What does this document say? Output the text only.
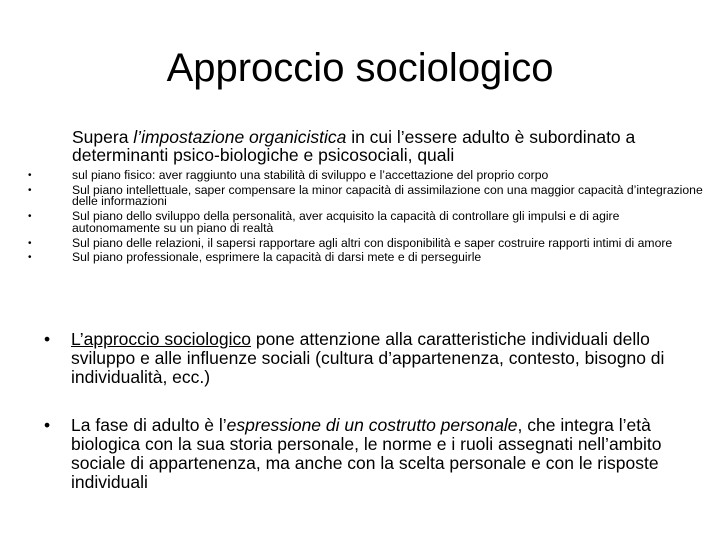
Approccio sociologico
Supera l’impostazione organicistica in cui l’essere adulto è subordinato a determinanti psico-biologiche e psicosociali, quali
•	sul piano fisico: aver raggiunto una stabilità di sviluppo e l’accettazione del proprio corpo
•	Sul piano intellettuale, saper compensare la minor capacità di assimilazione con una maggior capacità d’integrazione delle informazioni
•	Sul piano dello sviluppo della personalità, aver acquisito la capacità di controllare gli impulsi e di agire autonomamente su un piano di realtà
•	Sul piano delle relazioni, il sapersi rapportare agli altri con disponibilità e saper costruire rapporti intimi di amore
•	Sul piano professionale, esprimere la capacità di darsi mete e di perseguirle
• L’approccio sociologico pone attenzione alla caratteristiche individuali dello sviluppo e alle influenze sociali (cultura d’appartenenza, contesto, bisogno di individualità, ecc.)
• La fase di adulto è l’espressione di un costrutto personale, che integra l’età biologica con la sua storia personale, le norme e i ruoli assegnati nell’ambito sociale di appartenenza, ma anche con la scelta personale e con le risposte individuali
